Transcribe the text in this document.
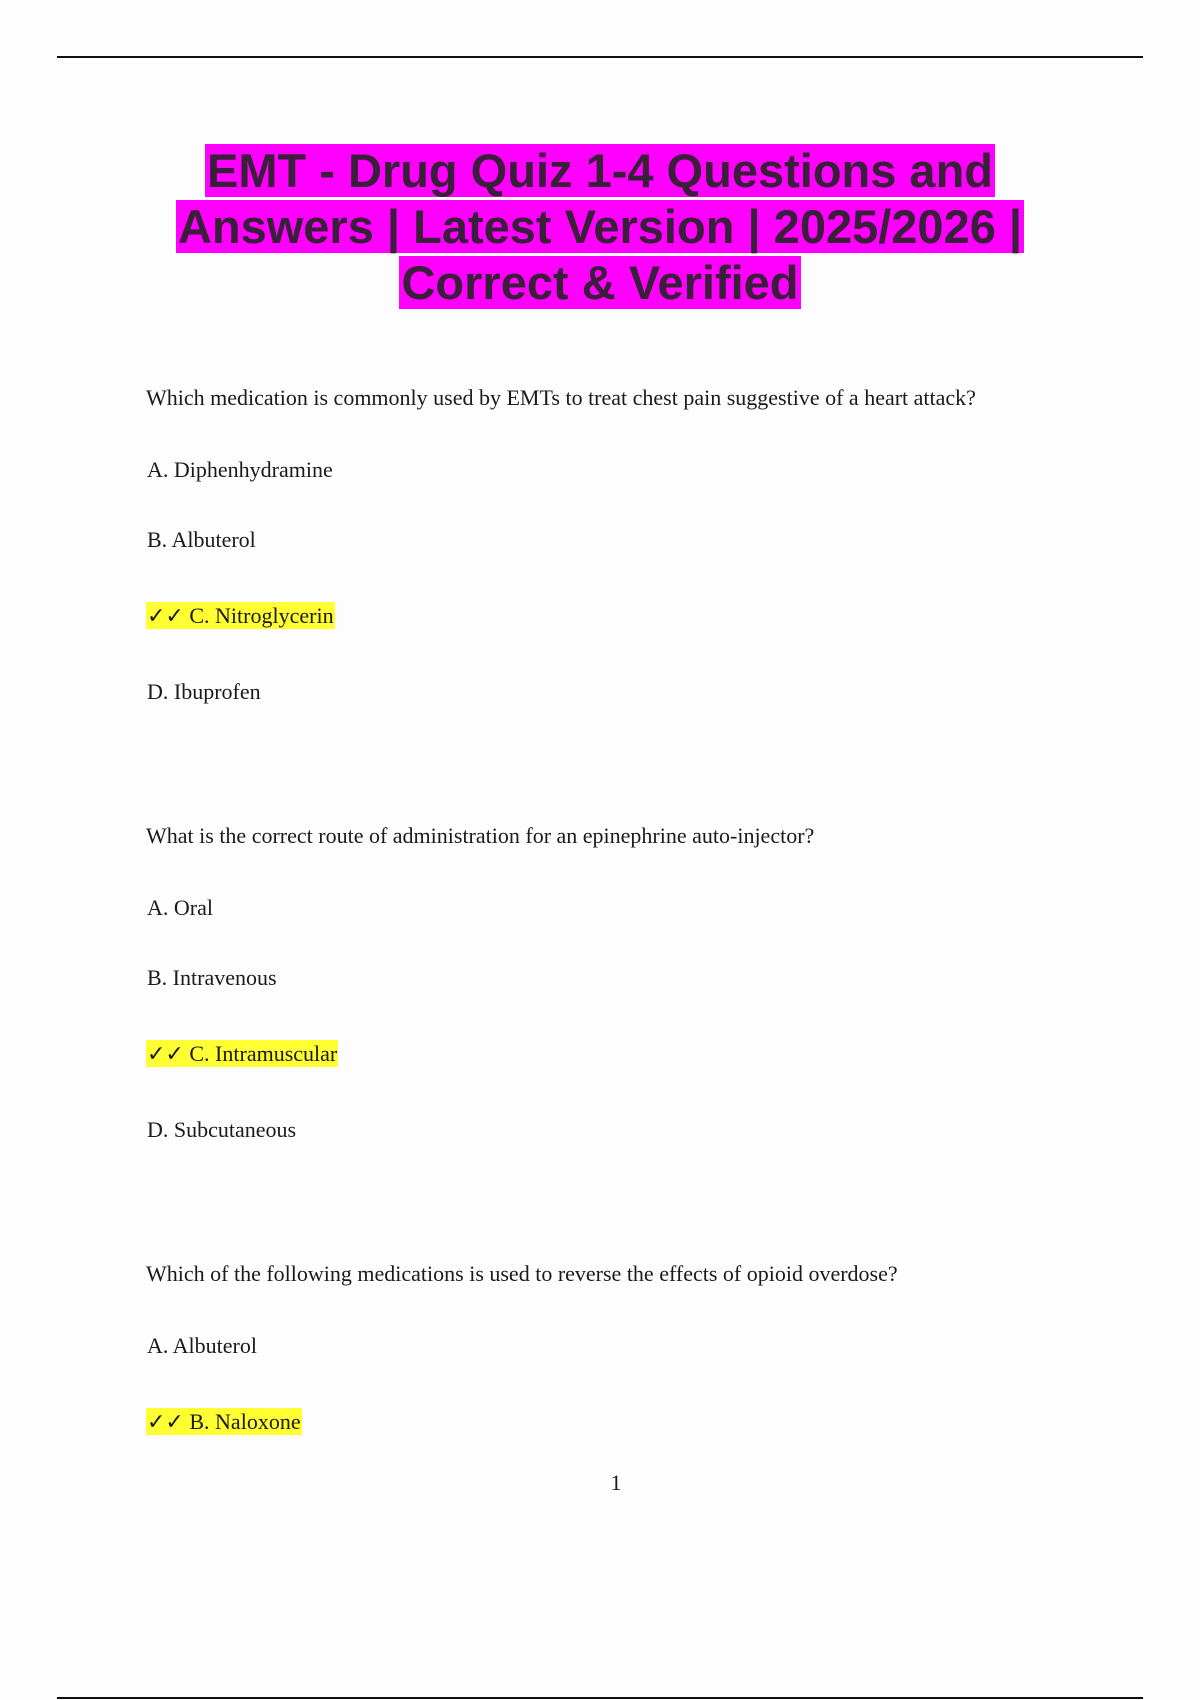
EMT - Drug Quiz 1-4 Questions and
Answers | Latest Version | 2025/2026 |
Correct & Verified

Which medication is commonly used by EMTs to treat chest pain suggestive of a heart attack?

A. Diphenhydramine

B. Albuterol

✓✓ C. Nitroglycerin

D. Ibuprofen

What is the correct route of administration for an epinephrine auto-injector?

A. Oral

B. Intravenous

✓✓ C. Intramuscular

D. Subcutaneous

Which of the following medications is used to reverse the effects of opioid overdose?

A. Albuterol

✓✓ B. Naloxone

1
